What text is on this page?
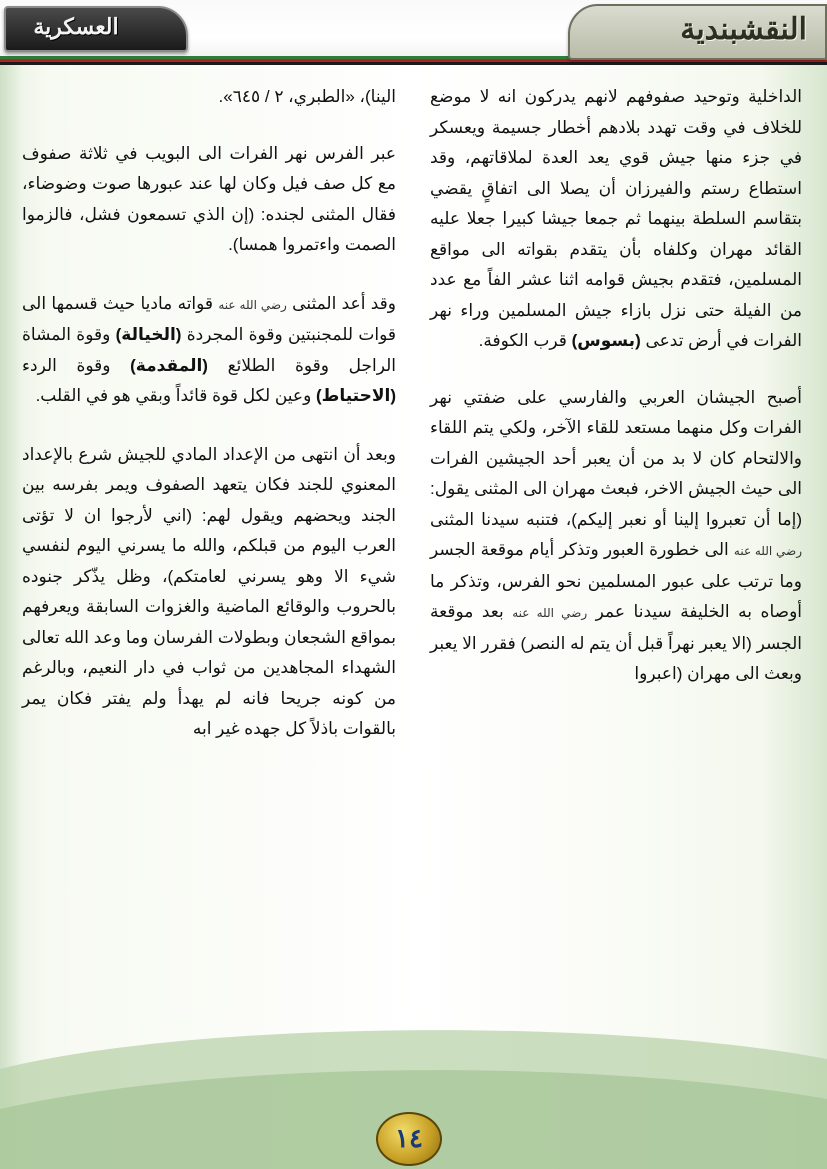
العسكرية	النقشبندية

الداخلية وتوحيد صفوفهم لانهم يدركون انه لا موضع للخلاف في وقت تهدد بلادهم أخطار جسيمة ويعسكر في جزء منها جيش قوي يعد العدة لملاقاتهم، وقد استطاع رستم والفيرزان أن يصلا الى اتفاقٍ يقضي بتقاسم السلطة بينهما ثم جمعا جيشا كبيرا جعلا عليه القائد مهران وكلفاه بأن يتقدم بقواته الى مواقع المسلمين، فتقدم بجيش قوامه اثنا عشر الفاً مع عدد من الفيلة حتى نزل بازاء جيش المسلمين وراء نهر الفرات في أرض تدعى (بسوس) قرب الكوفة.

أصبح الجيشان العربي والفارسي على ضفتي نهر الفرات وكل منهما مستعد للقاء الآخر، ولكي يتم اللقاء والالتحام كان لا بد من أن يعبر أحد الجيشين الفرات الى حيث الجيش الاخر، فبعث مهران الى المثنى يقول: (إما أن تعبروا إلينا أو نعبر إليكم)، فتنبه سيدنا المثنى رضي الله عنه الى خطورة العبور وتذكر أيام موقعة الجسر وما ترتب على عبور المسلمين نحو الفرس، وتذكر ما أوصاه به الخليفة سيدنا عمر رضي الله عنه بعد موقعة الجسر (الا يعبر نهراً قبل أن يتم له النصر) فقرر الا يعبر وبعث الى مهران (اعبروا

الينا)، «الطبري، ٢ / ٦٤٥».

عبر الفرس نهر الفرات الى البويب في ثلاثة صفوف مع كل صف فيل وكان لها عند عبورها صوت وضوضاء، فقال المثنى لجنده: (إن الذي تسمعون فشل، فالزموا الصمت واءتمروا همسا).

وقد أعد المثنى رضي الله عنه قواته ماديا حيث قسمها الى قوات للمجنبتين وقوة المجردة (الخيالة) وقوة المشاة الراجل وقوة الطلائع (المقدمة) وقوة الردء (الاحتياط) وعين لكل قوة قائداً وبقي هو في القلب.

وبعد أن انتهى من الإعداد المادي للجيش شرع بالإعداد المعنوي للجند فكان يتعهد الصفوف ويمر بفرسه بين الجند ويحضهم ويقول لهم: (اني لأرجوا ان لا تؤتى العرب اليوم من قبلكم، والله ما يسرني اليوم لنفسي شيء الا وهو يسرني لعامتكم)، وظل يذّكر جنوده بالحروب والوقائع الماضية والغزوات السابقة ويعرفهم بمواقع الشجعان وبطولات الفرسان وما وعد الله تعالى الشهداء المجاهدين من ثواب في دار النعيم، وبالرغم من كونه جريحا فانه لم يهدأ ولم يفتر فكان يمر بالقوات باذلاً كل جهده غير ابه

١٤
